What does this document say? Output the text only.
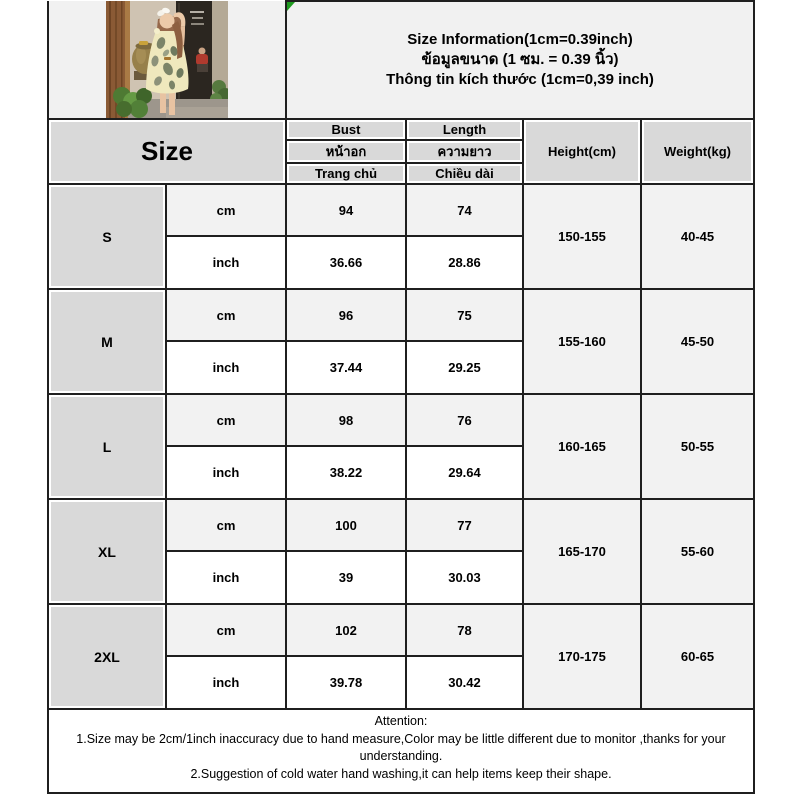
Size Information(1cm=0.39inch)
ข้อมูลขนาด (1 ซม. = 0.39 นิ้ว)
Thông tin kích thước (1cm=0,39 inch)			

Size		Bust	Length	Height(cm)	Weight(kg)
		หน้าอก	ความยาว		
		Trang chủ	Chiều dài		
S	cm	94	74	150-155	40-45
	inch	36.66	28.86		
M	cm	96	75	155-160	45-50
	inch	37.44	29.25		
L	cm	98	76	160-165	50-55
	inch	38.22	29.64		
XL	cm	100	77	165-170	55-60
	inch	39	30.03		
2XL	cm	102	78	170-175	60-65
	inch	39.78	30.42		

Attention:
1.Size may be 2cm/1inch inaccuracy due to hand measure,Color may be little different due to monitor ,thanks for your understanding.
2.Suggestion of cold water hand washing,it can help items keep their shape.					
